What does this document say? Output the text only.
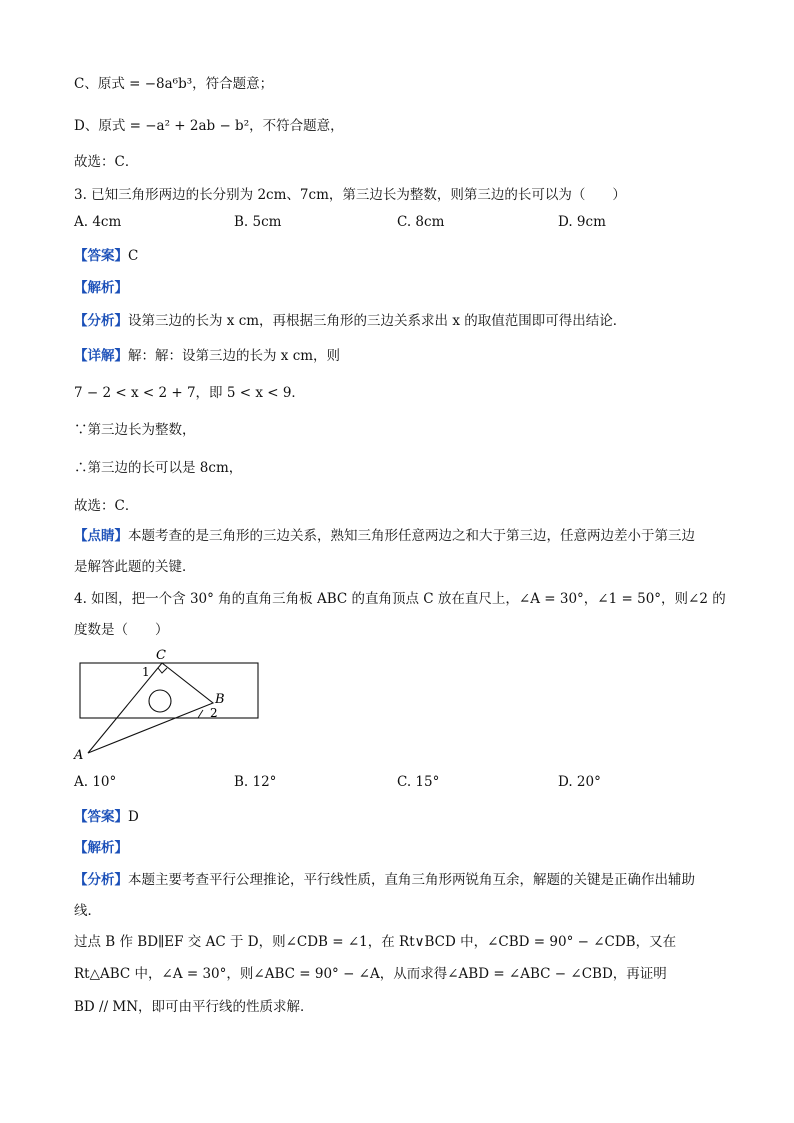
C、原式 = −8a⁶b³，符合题意；
D、原式 = −a² + 2ab − b²，不符合题意，
故选：C．
3. 已知三角形两边的长分别为 2cm、7cm，第三边长为整数，则第三边的长可以为（　　）
A. 4cm	B. 5cm	C. 8cm	D. 9cm
【答案】C
【解析】
【分析】设第三边的长为 x cm，再根据三角形的三边关系求出 x 的取值范围即可得出结论．
【详解】解：解：设第三边的长为 x cm，则
7 − 2 < x < 2 + 7，即 5 < x < 9．
∵第三边长为整数，
∴第三边的长可以是 8cm，
故选：C．
【点睛】本题考查的是三角形的三边关系，熟知三角形任意两边之和大于第三边，任意两边差小于第三边
是解答此题的关键．
4. 如图，把一个含 30° 角的直角三角板 ABC 的直角顶点 C 放在直尺上，∠A = 30°，∠1 = 50°，则∠2 的
度数是（　　）
C
1
B
2
A
A. 10°	B. 12°	C. 15°	D. 20°
【答案】D
【解析】
【分析】本题主要考查平行公理推论，平行线性质，直角三角形两锐角互余，解题的关键是正确作出辅助
线．
过点 B 作 BD∥EF 交 AC 于 D，则∠CDB = ∠1，在 Rt∨BCD 中，∠CBD = 90° − ∠CDB，又在
Rt△ABC 中，∠A = 30°，则∠ABC = 90° − ∠A，从而求得∠ABD = ∠ABC − ∠CBD，再证明
BD // MN，即可由平行线的性质求解．
